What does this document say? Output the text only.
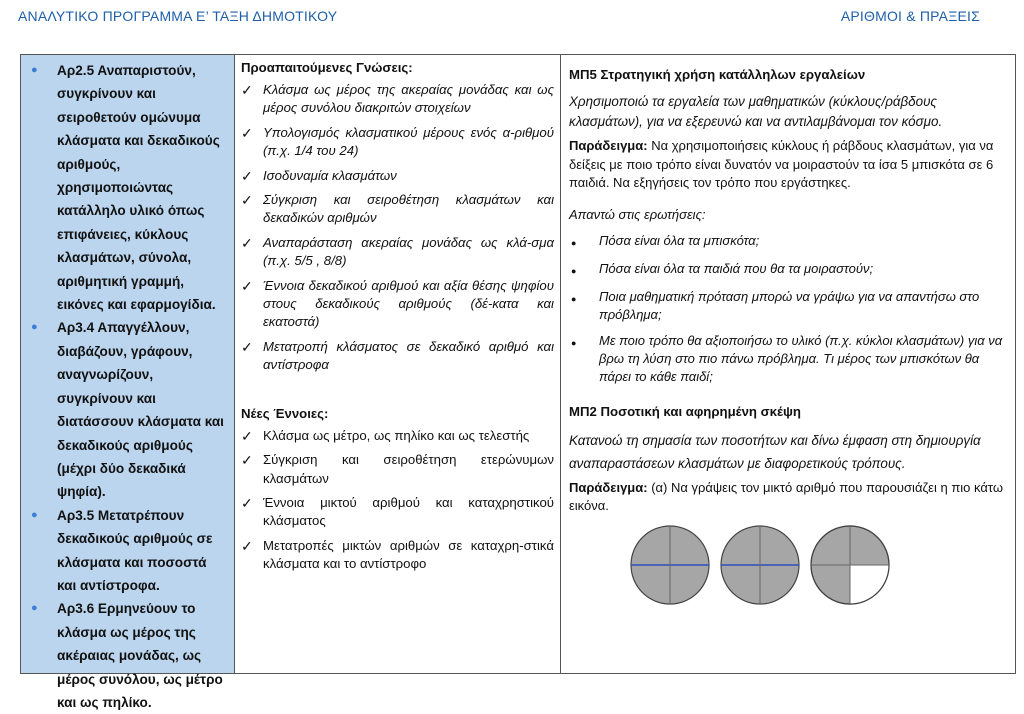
ΑΝΑΛΥΤΙΚΟ ΠΡΟΓΡΑΜΜΑ Ε’ ΤΑΞΗ ΔΗΜΟΤΙΚΟΥ	ΑΡΙΘΜΟΙ & ΠΡΑΞΕΙΣ
●	Αρ2.5 Αναπαριστούν, συγκρίνουν και σειροθετούν ομώνυμα κλάσματα και δεκαδικούς αριθμούς, χρησιμοποιώντας κατάλληλο υλικό όπως επιφάνειες, κύκλους κλασμάτων, σύνολα, αριθμητική γραμμή, εικόνες και εφαρμογίδια.
●	Αρ3.4 Απαγγέλλουν, διαβάζουν, γράφουν, αναγνωρίζουν, συγκρίνουν και διατάσσουν κλάσματα και δεκαδικούς αριθμούς (μέχρι δύο δεκαδικά ψηφία).
●	Αρ3.5 Μετατρέπουν δεκαδικούς αριθμούς σε κλάσματα και ποσοστά και αντίστροφα.
●	Αρ3.6 Ερμηνεύουν το κλάσμα ως μέρος της ακέραιας μονάδας, ως μέρος συνόλου, ως μέτρο και ως πηλίκο.
Προαπαιτούμενες Γνώσεις:
✓ Κλάσμα ως μέρος της ακεραίας μονάδας και ως μέρος συνόλου διακριτών στοιχείων
✓ Υπολογισμός κλασματικού μέρους ενός α-ριθμού (π.χ. 1/4 του 24)
✓ Ισοδυναμία κλασμάτων
✓ Σύγκριση και σειροθέτηση κλασμάτων και δεκαδικών αριθμών
✓ Αναπαράσταση ακεραίας μονάδας ως κλά-σμα (π.χ. 5/5 , 8/8)
✓ Έννοια δεκαδικού αριθμού και αξία θέσης ψηφίου στους δεκαδικούς αριθμούς (δέ-κατα και εκατοστά)
✓ Μετατροπή κλάσματος σε δεκαδικό αριθμό και αντίστροφα
Νέες Έννοιες:
✓ Κλάσμα ως μέτρο, ως πηλίκο και ως τελεστής
✓ Σύγκριση και σειροθέτηση ετερώνυμων κλασμάτων
✓ Έννοια μικτού αριθμού και καταχρηστικού κλάσματος
✓ Μετατροπές μικτών αριθμών σε καταχρη-στικά κλάσματα και το αντίστροφο
ΜΠ5 Στρατηγική χρήση κατάλληλων εργαλείων
Χρησιμοποιώ τα εργαλεία των μαθηματικών (κύκλους/ράβδους κλασμάτων), για να εξερευνώ και να αντιλαμβάνομαι τον κόσμο.
Παράδειγμα: Να χρησιμοποιήσεις κύκλους ή ράβδους κλασμάτων, για να δείξεις με ποιο τρόπο είναι δυνατόν να μοιραστούν τα ίσα 5 μπισκότα σε 6 παιδιά. Να εξηγήσεις τον τρόπο που εργάστηκες.
Απαντώ στις ερωτήσεις:
●	Πόσα είναι όλα τα μπισκότα;
●	Πόσα είναι όλα τα παιδιά που θα τα μοιραστούν;
●	Ποια μαθηματική πρόταση μπορώ να γράψω για να απαντήσω στο πρόβλημα;
●	Με ποιο τρόπο θα αξιοποιήσω το υλικό (π.χ. κύκλοι κλασμάτων) για να βρω τη λύση στο πιο πάνω πρόβλημα. Τι μέρος των μπισκότων θα πάρει το κάθε παιδί;
ΜΠ2 Ποσοτική και αφηρημένη σκέψη
Κατανοώ τη σημασία των ποσοτήτων και δίνω έμφαση στη δημιουργία αναπαραστάσεων κλασμάτων με διαφορετικούς τρόπους.
Παράδειγμα: (α) Να γράψεις τον μικτό αριθμό που παρουσιάζει η πιο κάτω εικόνα.
